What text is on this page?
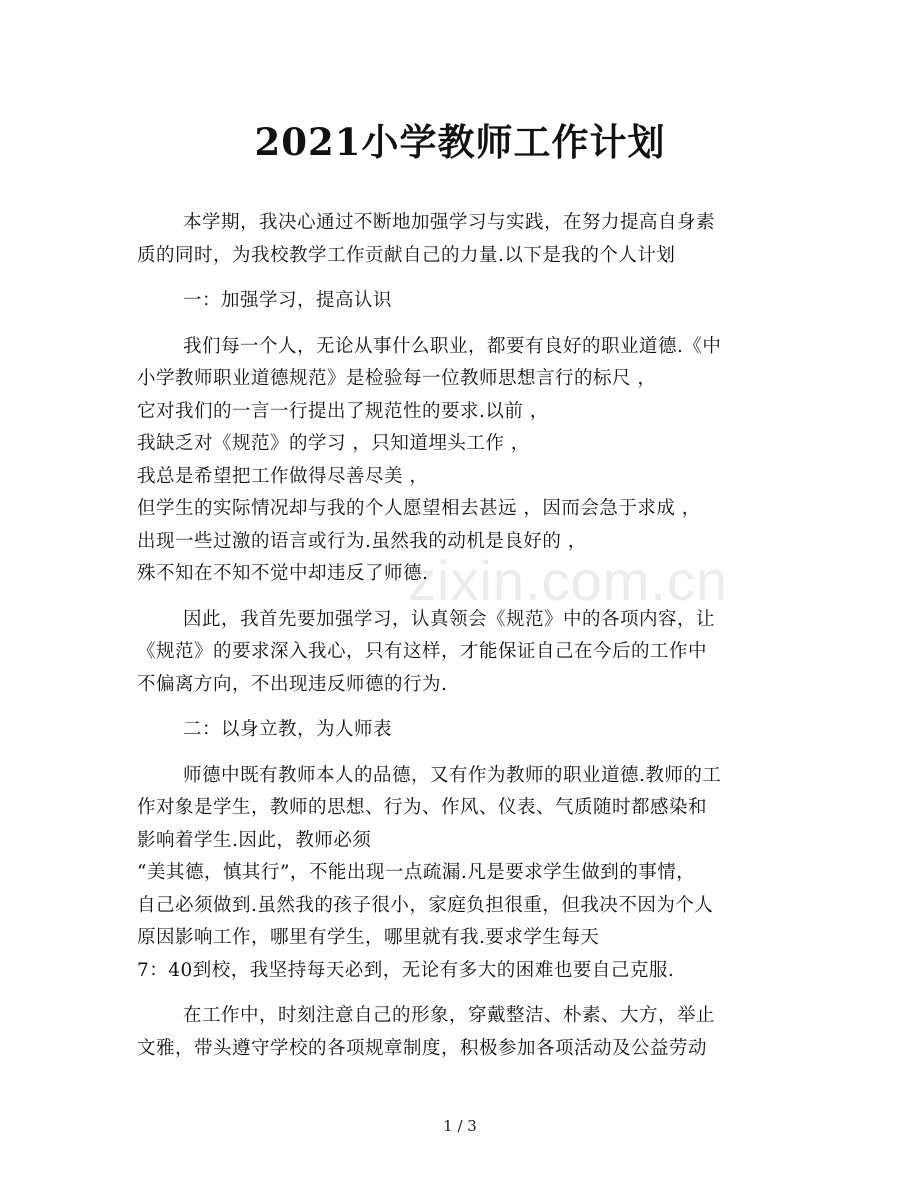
zixin.com.cn
2021小学教师工作计划
本学期，我决心通过不断地加强学习与实践，在努力提高自身素
质的同时，为我校教学工作贡献自己的力量.以下是我的个人计划
一：加强学习，提高认识
我们每一个人，无论从事什么职业，都要有良好的职业道德.《中
小学教师职业道德规范》是检验每一位教师思想言行的标尺 ，
它对我们的一言一行提出了规范性的要求.以前 ，
我缺乏对《规范》的学习 ，只知道埋头工作 ，
我总是希望把工作做得尽善尽美 ，
但学生的实际情况却与我的个人愿望相去甚远 ，因而会急于求成 ，
出现一些过激的语言或行为.虽然我的动机是良好的 ，
殊不知在不知不觉中却违反了师德.
因此，我首先要加强学习，认真领会《规范》中的各项内容，让
《规范》的要求深入我心，只有这样，才能保证自己在今后的工作中
不偏离方向，不出现违反师德的行为.
二：以身立教，为人师表
师德中既有教师本人的品德，又有作为教师的职业道德.教师的工
作对象是学生，教师的思想、行为、作风、仪表、气质随时都感染和
影响着学生.因此，教师必须
“美其德，慎其行”，不能出现一点疏漏.凡是要求学生做到的事情，
自己必须做到.虽然我的孩子很小，家庭负担很重，但我决不因为个人
原因影响工作，哪里有学生，哪里就有我.要求学生每天
7：40到校，我坚持每天必到，无论有多大的困难也要自己克服.
在工作中，时刻注意自己的形象，穿戴整洁、朴素、大方，举止
文雅，带头遵守学校的各项规章制度，积极参加各项活动及公益劳动
1 / 3
